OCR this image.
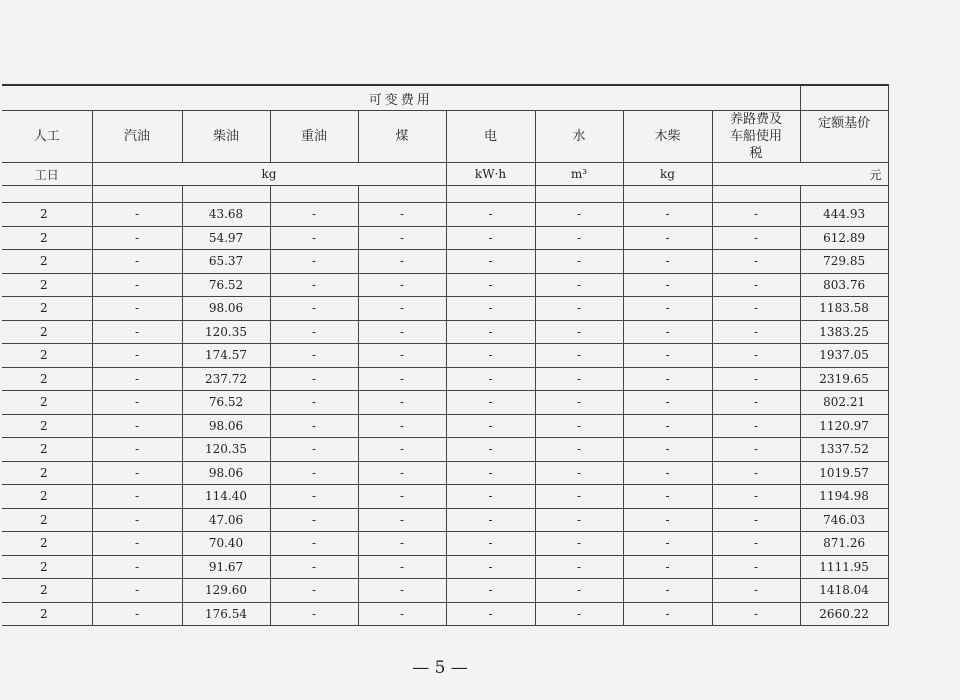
可变费用									
人工	汽油	柴油	重油	煤	电	水	木柴	养路费及车船使用税	定额基价
工日	kg				kW·h	m³	kg	元	

2	-	43.68	-	-	-	-	-	-	444.93
2	-	54.97	-	-	-	-	-	-	612.89
2	-	65.37	-	-	-	-	-	-	729.85
2	-	76.52	-	-	-	-	-	-	803.76
2	-	98.06	-	-	-	-	-	-	1183.58
2	-	120.35	-	-	-	-	-	-	1383.25
2	-	174.57	-	-	-	-	-	-	1937.05
2	-	237.72	-	-	-	-	-	-	2319.65
2	-	76.52	-	-	-	-	-	-	802.21
2	-	98.06	-	-	-	-	-	-	1120.97
2	-	120.35	-	-	-	-	-	-	1337.52
2	-	98.06	-	-	-	-	-	-	1019.57
2	-	114.40	-	-	-	-	-	-	1194.98
2	-	47.06	-	-	-	-	-	-	746.03
2	-	70.40	-	-	-	-	-	-	871.26
2	-	91.67	-	-	-	-	-	-	1111.95
2	-	129.60	-	-	-	-	-	-	1418.04
2	-	176.54	-	-	-	-	-	-	2660.22
— 5 —
